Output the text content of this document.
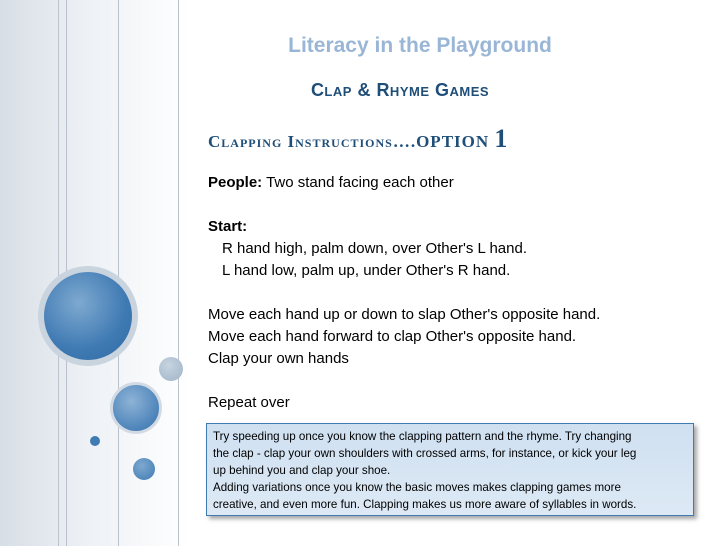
Literacy in the Playground
Clap & Rhyme Games
Clapping Instructions….OPTION 1
People: Two stand facing each other
Start:
R hand high, palm down, over Other's L hand.
L hand low, palm up, under Other's R hand.
Move each hand up or down to slap Other's opposite hand.
Move each hand forward to clap Other's opposite hand.
Clap your own hands
Repeat over
Try speeding up once you know the clapping pattern and the rhyme. Try changing
the clap - clap your own shoulders with crossed arms, for instance, or kick your leg
up behind you and clap your shoe.
Adding variations once you know the basic moves makes clapping games more
creative, and even more fun. Clapping makes us more aware of syllables in words.
